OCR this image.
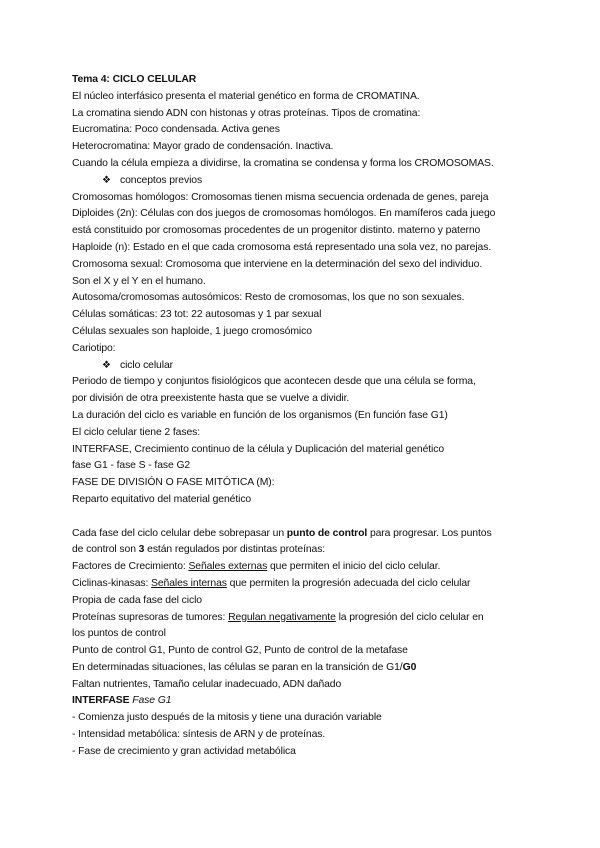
Tema 4: CICLO CELULAR
El núcleo interfásico presenta el material genético en forma de CROMATINA.
La cromatina siendo ADN con histonas y otras proteínas. Tipos de cromatina:
Eucromatina: Poco condensada. Activa genes
Heterocromatina: Mayor grado de condensación. Inactiva.
Cuando la célula empieza a dividirse, la cromatina se condensa y forma los CROMOSOMAS.
❖ conceptos previos
Cromosomas homólogos: Cromosomas tienen misma secuencia ordenada de genes, pareja
Diploides (2n): Células con dos juegos de cromosomas homólogos. En mamíferos cada juego
está constituido por cromosomas procedentes de un progenitor distinto. materno y paterno
Haploide (n): Estado en el que cada cromosoma está representado una sola vez, no parejas.
Cromosoma sexual: Cromosoma que interviene en la determinación del sexo del individuo.
Son el X y el Y en el humano.
Autosoma/cromosomas autosómicos: Resto de cromosomas, los que no son sexuales.
Células somáticas: 23 tot: 22 autosomas y 1 par sexual
Células sexuales son haploide, 1 juego cromosómico
Cariotipo:
❖ ciclo celular
Periodo de tiempo y conjuntos fisiológicos que acontecen desde que una célula se forma,
por división de otra preexistente hasta que se vuelve a dividir.
La duración del ciclo es variable en función de los organismos (En función fase G1)
El ciclo celular tiene 2 fases:
INTERFASE, Crecimiento continuo de la célula y Duplicación del material genético
fase G1 - fase S - fase G2
FASE DE DIVISIÓN O FASE MITÓTICA (M):
Reparto equitativo del material genético
Cada fase del ciclo celular debe sobrepasar un punto de control para progresar. Los puntos
de control son 3 están regulados por distintas proteínas:
Factores de Crecimiento: Señales externas que permiten el inicio del ciclo celular.
Ciclinas-kinasas: Señales internas que permiten la progresión adecuada del ciclo celular
Propia de cada fase del ciclo
Proteínas supresoras de tumores: Regulan negativamente la progresión del ciclo celular en
los puntos de control
Punto de control G1, Punto de control G2, Punto de control de la metafase
En determinadas situaciones, las células se paran en la transición de G1/G0
Faltan nutrientes, Tamaño celular inadecuado, ADN dañado
INTERFASE Fase G1
- Comienza justo después de la mitosis y tiene una duración variable
- Intensidad metabólica: síntesis de ARN y de proteínas.
- Fase de crecimiento y gran actividad metabólica
